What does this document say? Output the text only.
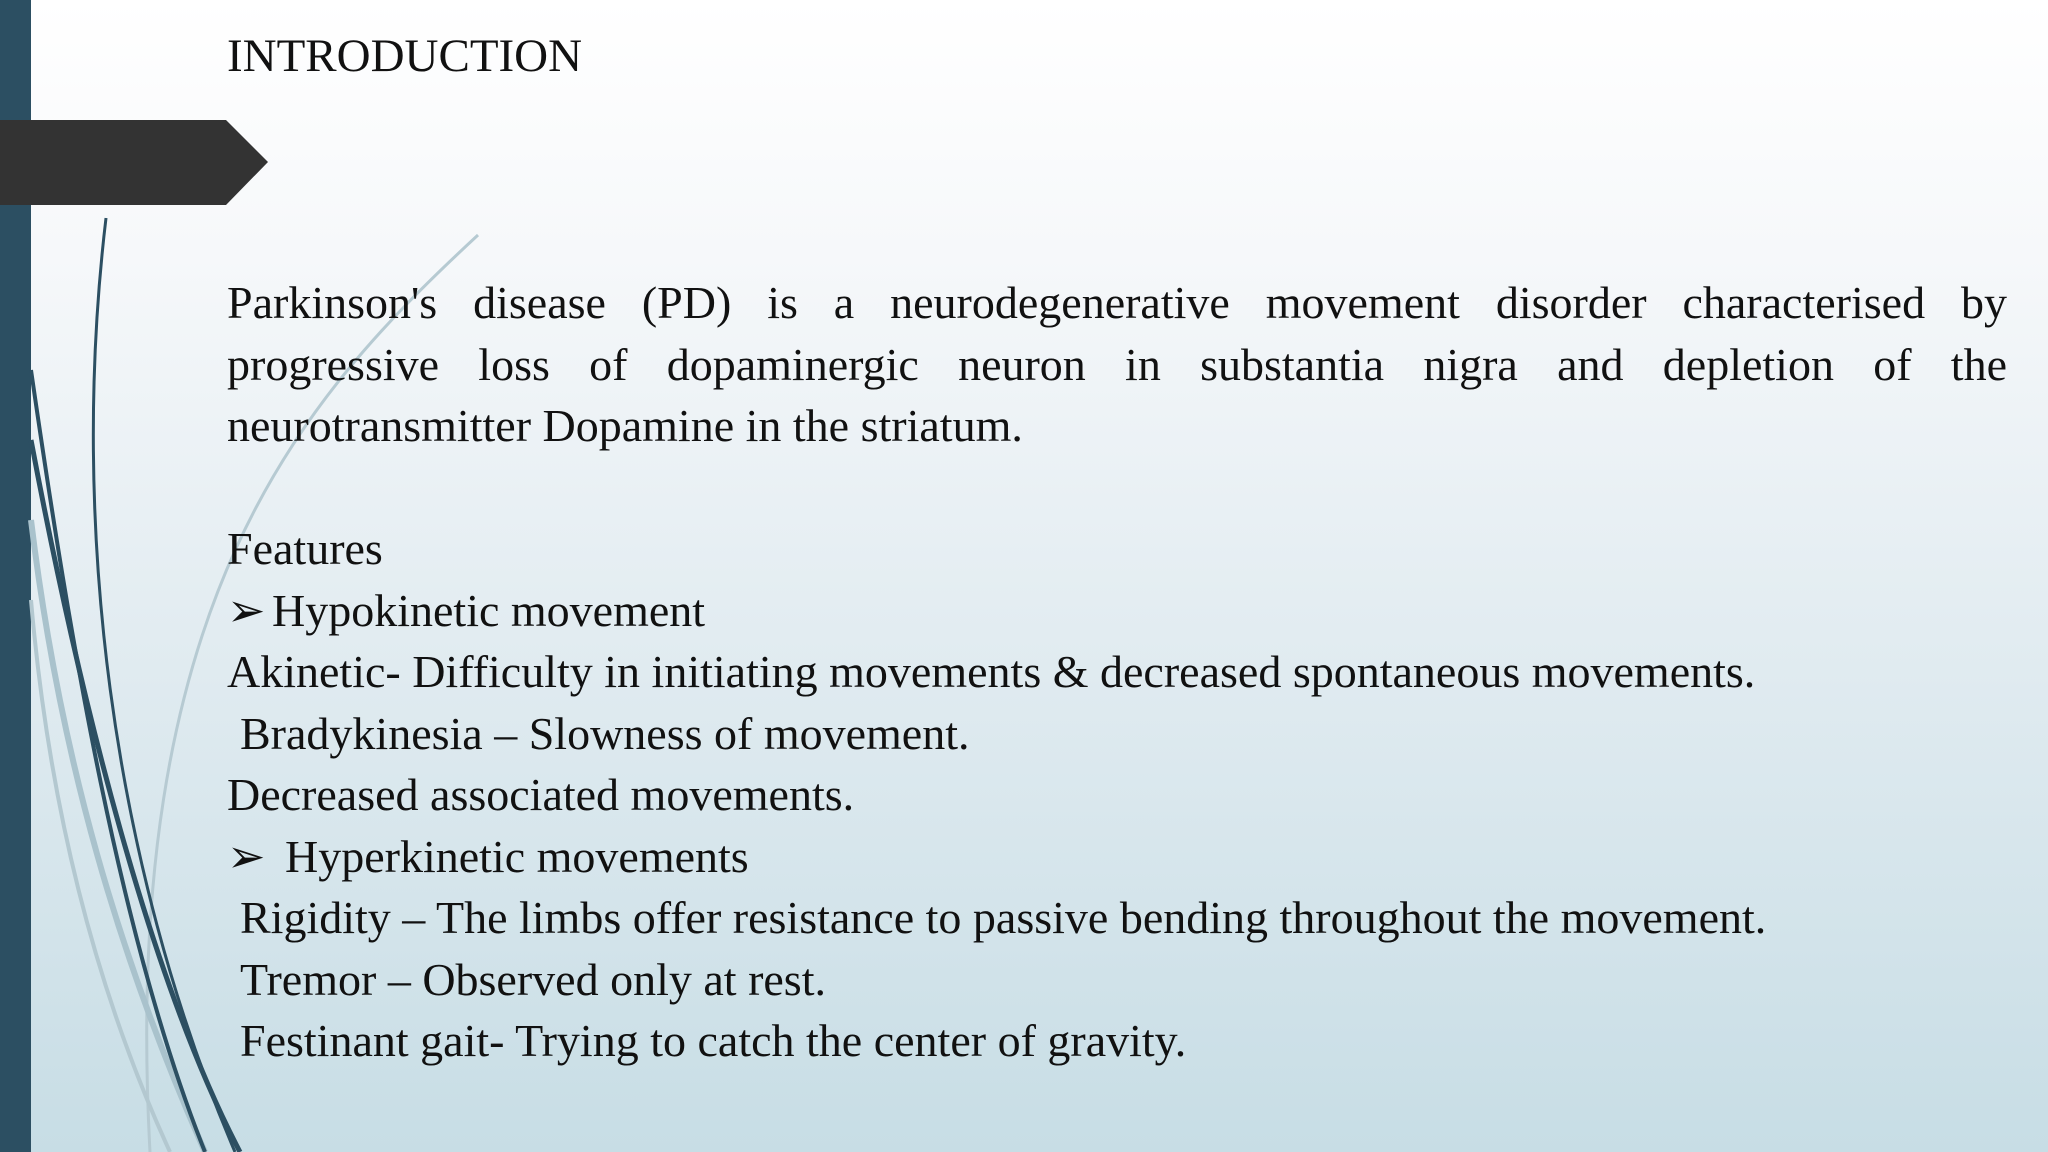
INTRODUCTION

Parkinson's disease (PD) is a neurodegenerative movement disorder characterised by progressive loss of dopaminergic neuron in substantia nigra and depletion of the neurotransmitter Dopamine in the striatum.

Features

➢ Hypokinetic movement

Akinetic- Difficulty in initiating movements & decreased spontaneous movements.

Bradykinesia – Slowness of movement.

Decreased associated movements.

➢ Hyperkinetic movements

Rigidity – The limbs offer resistance to passive bending throughout the movement.

Tremor – Observed only at rest.

Festinant gait- Trying to catch the center of gravity.
